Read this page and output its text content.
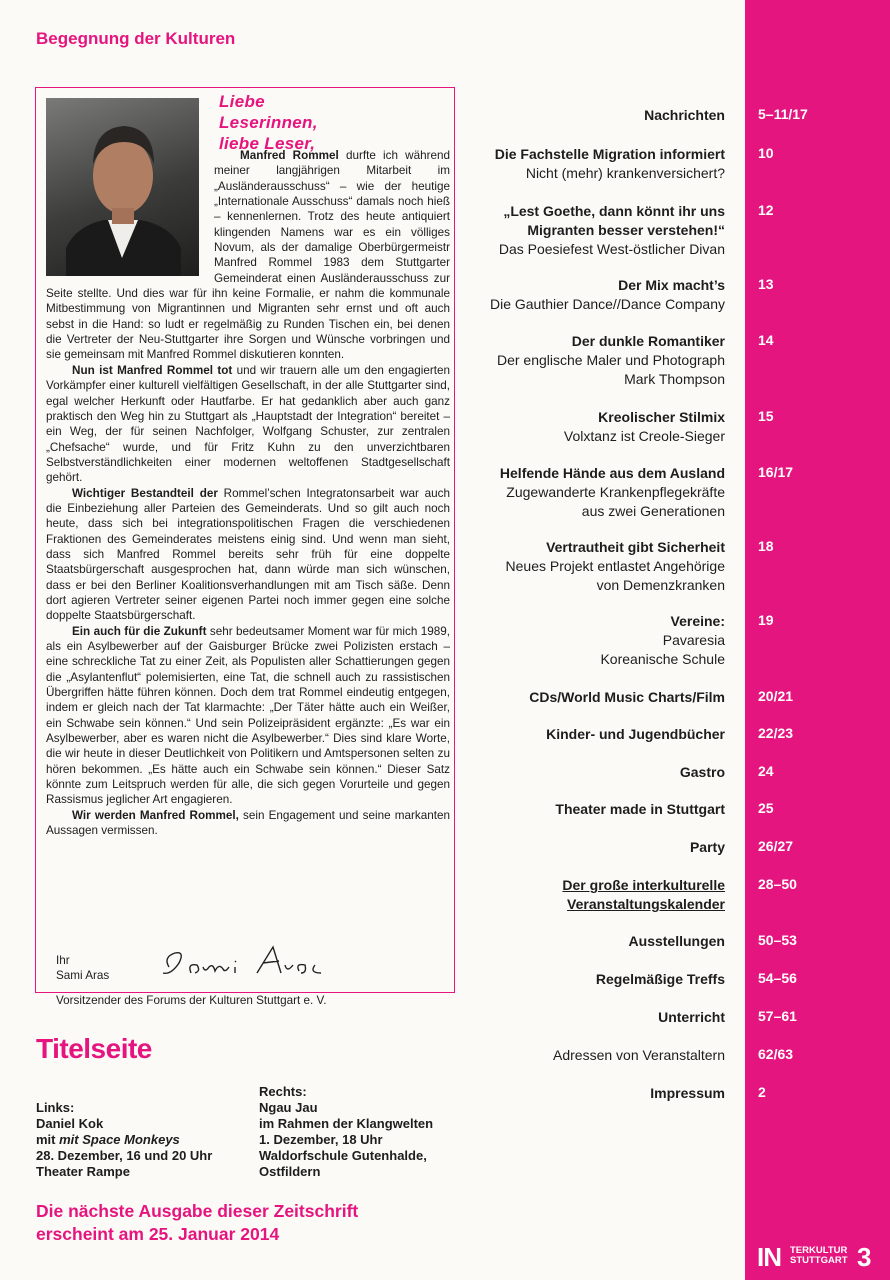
Begegnung der Kulturen
Liebe
Leserinnen,
liebe Leser,

Manfred Rommel durfte ich während meiner langjährigen Mitarbeit im „Ausländerausschuss“ – wie der heutige „Internationale Ausschuss“ damals noch hieß – kennenlernen. Trotz des heute antiquiert klingenden Namens war es ein völliges Novum, als der damalige Oberbürgermeistr Manfred Rommel 1983 dem Stuttgarter Gemeinderat einen Ausländerausschuss zur Seite stellte. Und dies war für ihn keine Formalie, er nahm die kommunale Mitbestimmung von Migrantinnen und Migranten sehr ernst und oft auch sebst in die Hand: so ludt er regelmäßig zu Runden Tischen ein, bei denen die Vertreter der Neu-Stuttgarter ihre Sorgen und Wünsche vorbringen und sie gemeinsam mit Manfred Rommel diskutieren konnten.

Nun ist Manfred Rommel tot und wir trauern alle um den engagierten Vorkämpfer einer kulturell vielfältigen Gesellschaft, in der alle Stuttgarter sind, egal welcher Herkunft oder Hautfarbe. Er hat gedanklich aber auch ganz praktisch den Weg hin zu Stuttgart als „Hauptstadt der Integration“ bereitet – ein Weg, der für seinen Nachfolger, Wolfgang Schuster, zur zentralen „Chefsache“ wurde, und für Fritz Kuhn zu den unverzichtbaren Selbstverständlichkeiten einer modernen weltoffenen Stadtgesellschaft gehört.

Wichtiger Bestandteil der Rommel’schen Integratonsarbeit war auch die Einbeziehung aller Parteien des Gemeinderats. Und so gilt auch noch heute, dass sich bei integrationspolitischen Fragen die verschiedenen Fraktionen des Gemeinderates meistens einig sind. Und wenn man sieht, dass sich Manfred Rommel bereits sehr früh für eine doppelte Staatsbürgerschaft ausgesprochen hat, dann würde man sich wünschen, dass er bei den Berliner Koalitionsverhandlungen mit am Tisch säße. Denn dort agieren Vertreter seiner eigenen Partei noch immer gegen eine solche doppelte Staatsbürgerschaft.

Ein auch für die Zukunft sehr bedeutsamer Moment war für mich 1989, als ein Asylbewerber auf der Gaisburger Brücke zwei Polizisten erstach – eine schreckliche Tat zu einer Zeit, als Populisten aller Schattierungen gegen die „Asylantenflut“ polemisierten, eine Tat, die schnell auch zu rassistischen Übergriffen hätte führen können. Doch dem trat Rommel eindeutig entgegen, indem er gleich nach der Tat klarmachte: „Der Täter hätte auch ein Weißer, ein Schwabe sein können.“ Und sein Polizeipräsident ergänzte: „Es war ein Asylbewerber, aber es waren nicht die Asylbewerber.“ Dies sind klare Worte, die wir heute in dieser Deutlichkeit von Politikern und Amtspersonen selten zu hören bekommen. „Es hätte auch ein Schwabe sein können.“ Dieser Satz könnte zum Leitspruch werden für alle, die sich gegen Vorurteile und gegen Rassismus jeglicher Art engagieren.

Wir werden Manfred Rommel, sein Engagement und seine markanten Aussagen vermissen.

Ihr
Sami Aras
Vorsitzender des Forums der Kulturen Stuttgart e. V.
Titelseite
Links:
Daniel Kok
mit mit Space Monkeys
28. Dezember, 16 und 20 Uhr
Theater Rampe
Rechts:
Ngau Jau
im Rahmen der Klangwelten
1. Dezember, 18 Uhr
Waldorfschule Gutenhalde,
Ostfildern
Die nächste Ausgabe dieser Zeitschrift
erscheint am 25. Januar 2014
Nachrichten 5–11/17
Die Fachstelle Migration informiert
Nicht (mehr) krankenversichert?
10
„Lest Goethe, dann könnt ihr uns
Migranten besser verstehen!“
Das Poesiefest West-östlicher Divan
12
Der Mix macht’s
Die Gauthier Dance//Dance Company
13
Der dunkle Romantiker
Der englische Maler und Photograph
Mark Thompson
14
Kreolischer Stilmix
Volxtanz ist Creole-Sieger
15
Helfende Hände aus dem Ausland
Zugewanderte Krankenpflegekräfte
aus zwei Generationen
16/17
Vertrautheit gibt Sicherheit
Neues Projekt entlastet Angehörige
von Demenzkranken
18
Vereine:
Pavaresia
Koreanische Schule
19
CDs/World Music Charts/Film 20/21
Kinder- und Jugendbücher 22/23
Gastro 24
Theater made in Stuttgart 25
Party 26/27
Der große interkulturelle
Veranstaltungskalender
28–50
Ausstellungen 50–53
Regelmäßige Treffs 54–56
Unterricht 57–61
Adressen von Veranstaltern 62/63
Impressum 2
IN TERKULTUR
STUTTGART 3
